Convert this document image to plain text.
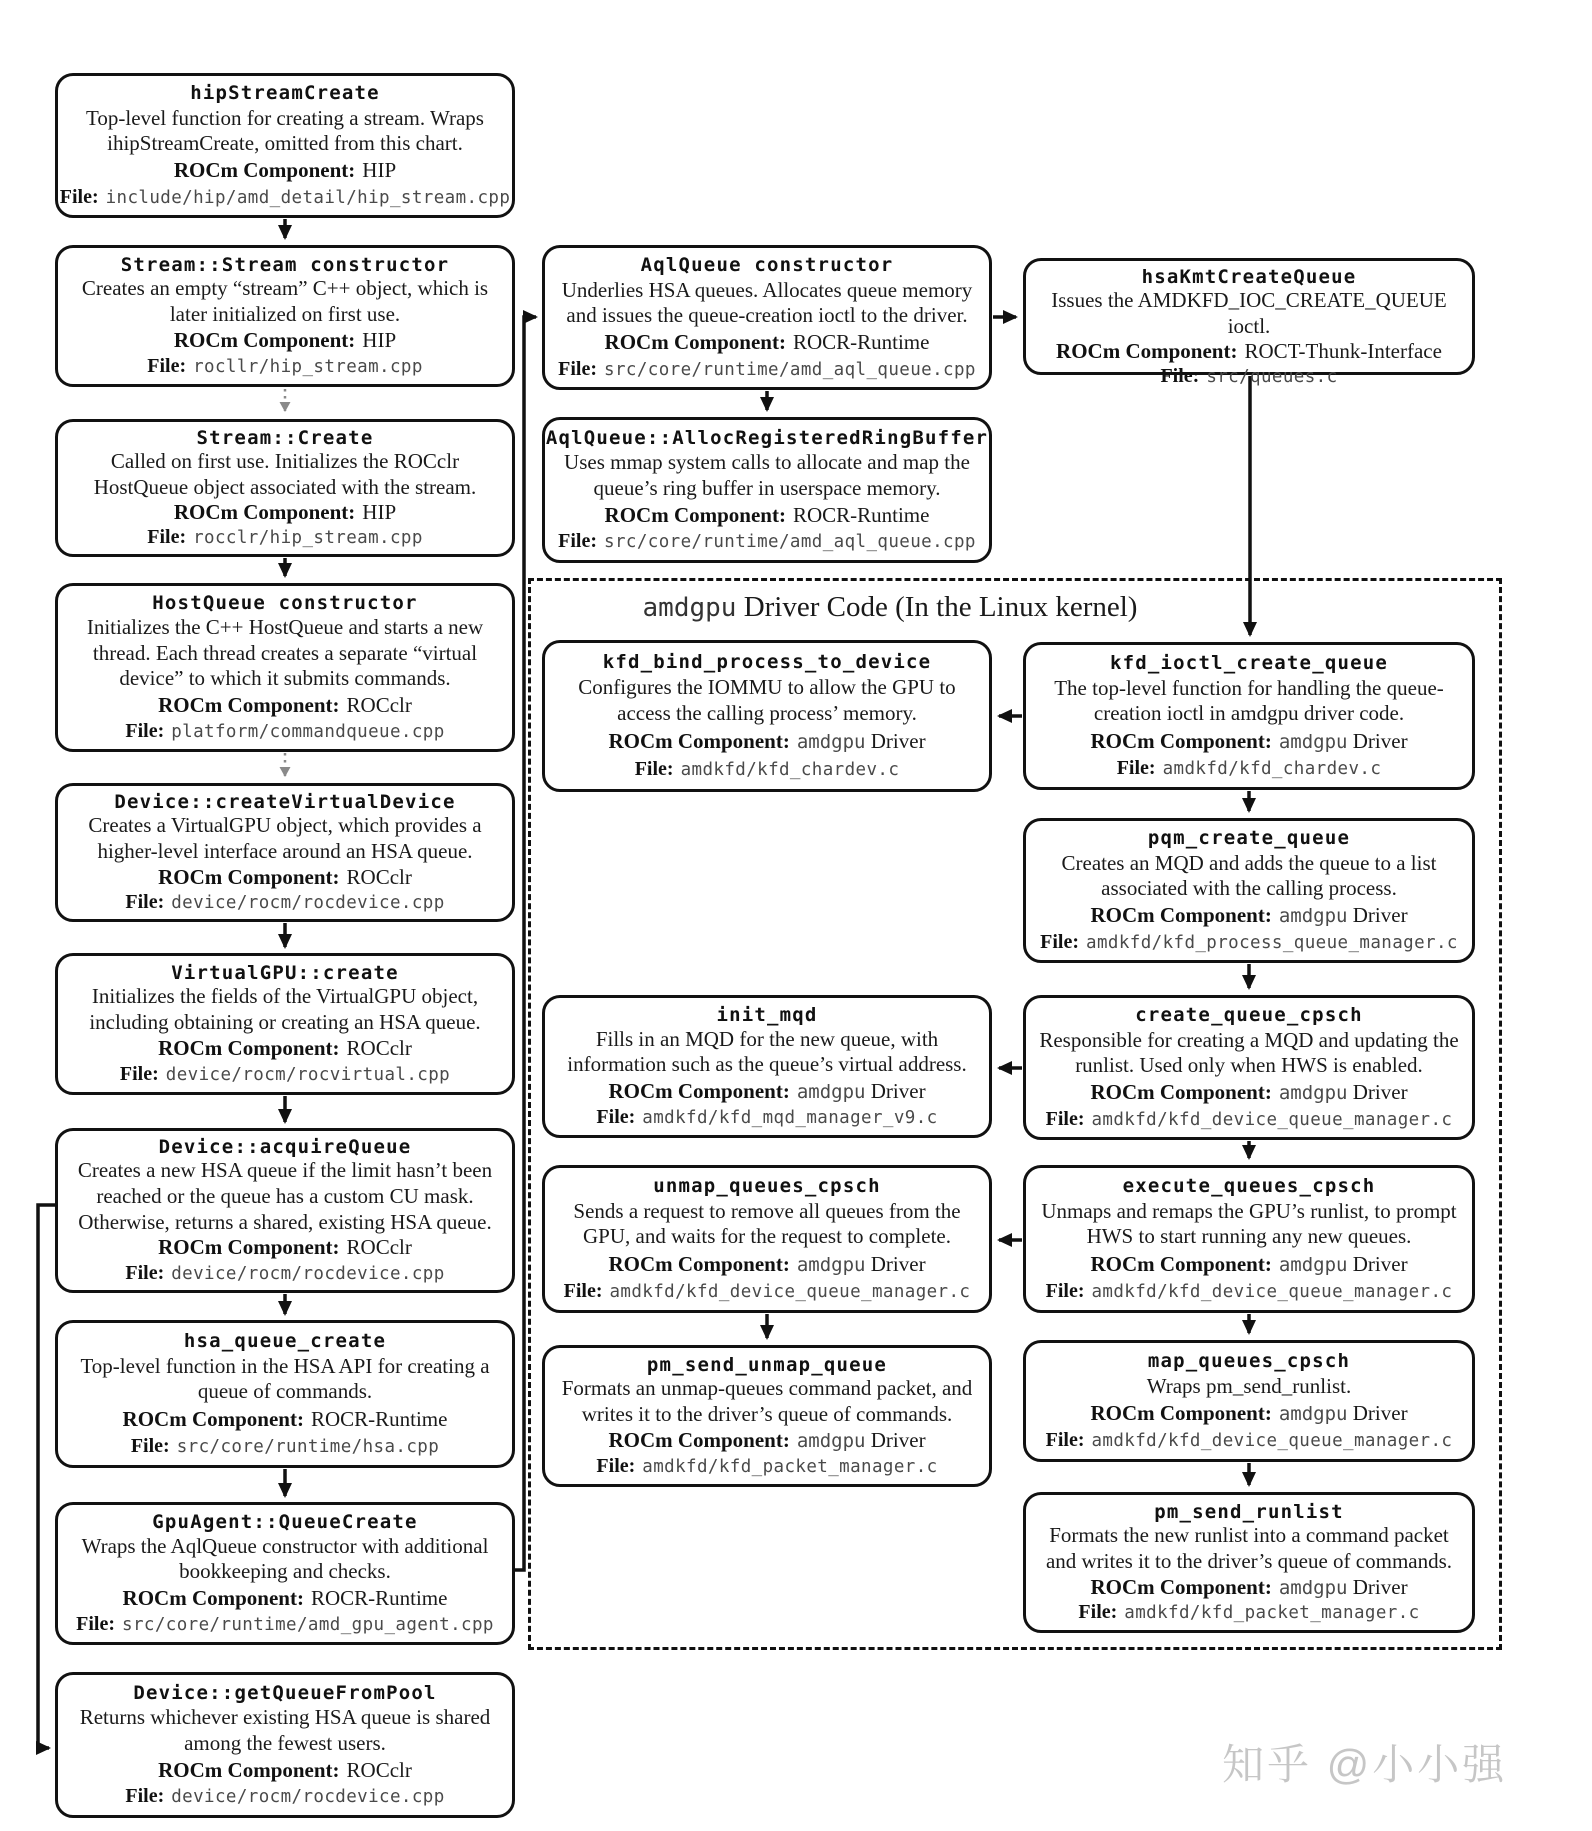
amdgpu Driver Code (In the Linux kernel)
知乎 @小小强
hipStreamCreate
Top-level function for creating a stream. Wraps ihipStreamCreate, omitted from this chart.
ROCm Component: HIP
File: include/hip/amd_detail/hip_stream.cpp
Stream::Stream constructor
Creates an empty “stream” C++ object, which is later initialized on first use.
ROCm Component: HIP
File: rocllr/hip_stream.cpp
Stream::Create
Called on first use. Initializes the ROCclr HostQueue object associated with the stream.
ROCm Component: HIP
File: rocclr/hip_stream.cpp
HostQueue constructor
Initializes the C++ HostQueue and starts a new thread. Each thread creates a separate “virtual device” to which it submits commands.
ROCm Component: ROCclr
File: platform/commandqueue.cpp
Device::createVirtualDevice
Creates a VirtualGPU object, which provides a higher-level interface around an HSA queue.
ROCm Component: ROCclr
File: device/rocm/rocdevice.cpp
VirtualGPU::create
Initializes the fields of the VirtualGPU object, including obtaining or creating an HSA queue.
ROCm Component: ROCclr
File: device/rocm/rocvirtual.cpp
Device::acquireQueue
Creates a new HSA queue if the limit hasn’t been reached or the queue has a custom CU mask. Otherwise, returns a shared, existing HSA queue.
ROCm Component: ROCclr
File: device/rocm/rocdevice.cpp
hsa_queue_create
Top-level function in the HSA API for creating a queue of commands.
ROCm Component: ROCR-Runtime
File: src/core/runtime/hsa.cpp
GpuAgent::QueueCreate
Wraps the AqlQueue constructor with additional bookkeeping and checks.
ROCm Component: ROCR-Runtime
File: src/core/runtime/amd_gpu_agent.cpp
Device::getQueueFromPool
Returns whichever existing HSA queue is shared among the fewest users.
ROCm Component: ROCclr
File: device/rocm/rocdevice.cpp
AqlQueue constructor
Underlies HSA queues. Allocates queue memory and issues the queue-creation ioctl to the driver.
ROCm Component: ROCR-Runtime
File: src/core/runtime/amd_aql_queue.cpp
AqlQueue::AllocRegisteredRingBuffer
Uses mmap system calls to allocate and map the queue’s ring buffer in userspace memory.
ROCm Component: ROCR-Runtime
File: src/core/runtime/amd_aql_queue.cpp
hsaKmtCreateQueue
Issues the AMDKFD_IOC_CREATE_QUEUE ioctl.
ROCm Component: ROCT-Thunk-Interface
File: src/queues.c
kfd_bind_process_to_device
Configures the IOMMU to allow the GPU to access the calling process’ memory.
ROCm Component: amdgpu Driver
File: amdkfd/kfd_chardev.c
kfd_ioctl_create_queue
The top-level function for handling the queue-creation ioctl in amdgpu driver code.
ROCm Component: amdgpu Driver
File: amdkfd/kfd_chardev.c
pqm_create_queue
Creates an MQD and adds the queue to a list associated with the calling process.
ROCm Component: amdgpu Driver
File: amdkfd/kfd_process_queue_manager.c
init_mqd
Fills in an MQD for the new queue, with information such as the queue’s virtual address.
ROCm Component: amdgpu Driver
File: amdkfd/kfd_mqd_manager_v9.c
create_queue_cpsch
Responsible for creating a MQD and updating the runlist. Used only when HWS is enabled.
ROCm Component: amdgpu Driver
File: amdkfd/kfd_device_queue_manager.c
unmap_queues_cpsch
Sends a request to remove all queues from the GPU, and waits for the request to complete.
ROCm Component: amdgpu Driver
File: amdkfd/kfd_device_queue_manager.c
execute_queues_cpsch
Unmaps and remaps the GPU’s runlist, to prompt HWS to start running any new queues.
ROCm Component: amdgpu Driver
File: amdkfd/kfd_device_queue_manager.c
pm_send_unmap_queue
Formats an unmap-queues command packet, and writes it to the driver’s queue of commands.
ROCm Component: amdgpu Driver
File: amdkfd/kfd_packet_manager.c
map_queues_cpsch
Wraps pm_send_runlist.
ROCm Component: amdgpu Driver
File: amdkfd/kfd_device_queue_manager.c
pm_send_runlist
Formats the new runlist into a command packet and writes it to the driver’s queue of commands.
ROCm Component: amdgpu Driver
File: amdkfd/kfd_packet_manager.c
